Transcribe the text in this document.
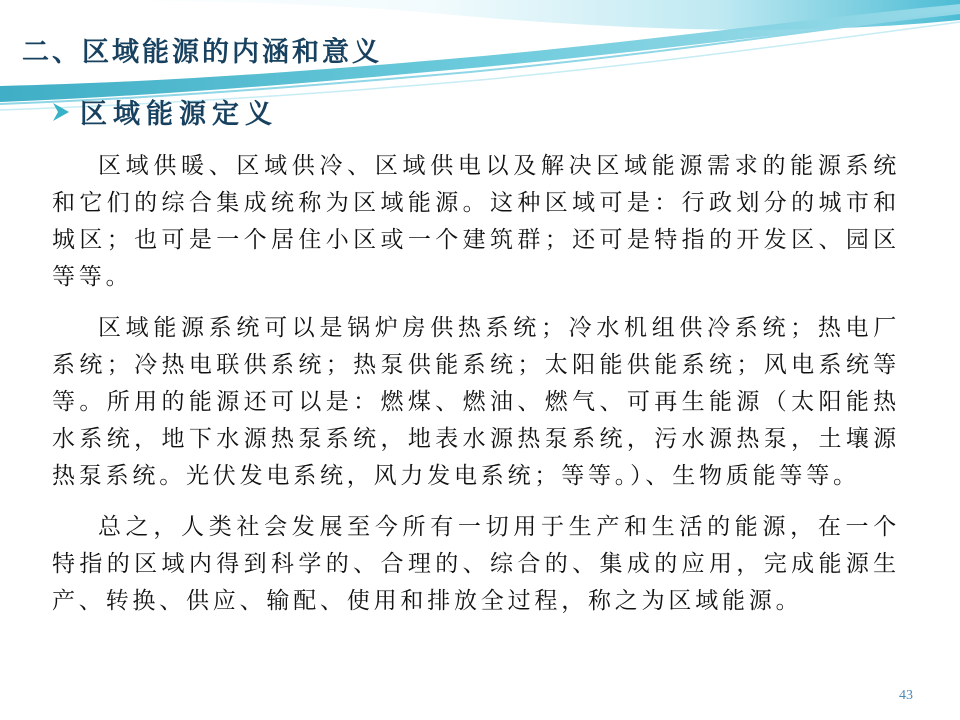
二、区域能源的内涵和意义
区域能源定义

区域供暖、区域供冷、区域供电以及解决区域能源需求的能源系统和它们的综合集成统称为区域能源。这种区域可是：行政划分的城市和城区；也可是一个居住小区或一个建筑群；还可是特指的开发区、园区等等。

区域能源系统可以是锅炉房供热系统；冷水机组供冷系统；热电厂系统；冷热电联供系统；热泵供能系统；太阳能供能系统；风电系统等等。所用的能源还可以是：燃煤、燃油、燃气、可再生能源（太阳能热水系统，地下水源热泵系统，地表水源热泵系统，污水源热泵，土壤源热泵系统。光伏发电系统，风力发电系统；等等。）、生物质能等等。

总之，人类社会发展至今所有一切用于生产和生活的能源，在一个特指的区域内得到科学的、合理的、综合的、集成的应用，完成能源生产、转换、供应、输配、使用和排放全过程，称之为区域能源。

43
